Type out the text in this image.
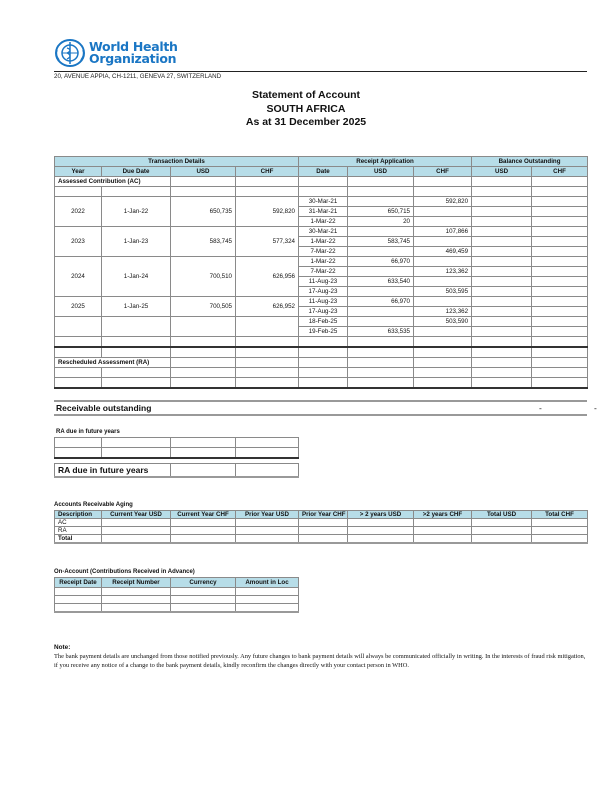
World Health
Organization
20, AVENUE APPIA, CH-1211, GENEVA 27, SWITZERLAND
Statement of Account
SOUTH AFRICA
As at 31 December 2025
Transaction Details				Receipt Application			Balance Outstanding	
Year	Due Date	USD	CHF	Date	USD	CHF	USD	CHF
Assessed Contribution (AC)								

2022	1-Jan-22	650,735	592,820	30-Mar-21		592,820		
				31-Mar-21	650,715			
				1-Mar-22	20			
2023	1-Jan-23	583,745	577,324	30-Mar-21		107,866		
				1-Mar-22	583,745			
				7-Mar-22		469,459		
2024	1-Jan-24	700,510	626,956	1-Mar-22	66,970			
				7-Mar-22		123,362		
				11-Aug-23	633,540			
				17-Aug-23		503,595		
2025	1-Jan-25	700,505	626,952	11-Aug-23	66,970			
				17-Aug-23		123,362		
				18-Feb-25		503,590		
				19-Feb-25	633,535			

Rescheduled Assessment (RA)								

Receivable outstanding	-	-
RA due in future years

RA due in future years		
Accounts Receivable Aging
Description	Current Year USD	Current Year CHF	Prior Year USD	Prior Year CHF	> 2 years USD	>2 years CHF	Total USD	Total CHF
AC								
RA								
Total								
On-Account (Contributions Received in Advance)
Receipt Date	Receipt Number	Currency	Amount in Loc

Note:
The bank payment details are unchanged from those notified previously. Any future changes to bank payment details will always be communicated officially in writing. In the interests of fraud risk mitigation, if you receive any notice of a change to the bank payment details, kindly reconfirm the changes directly with your contact person in WHO.
